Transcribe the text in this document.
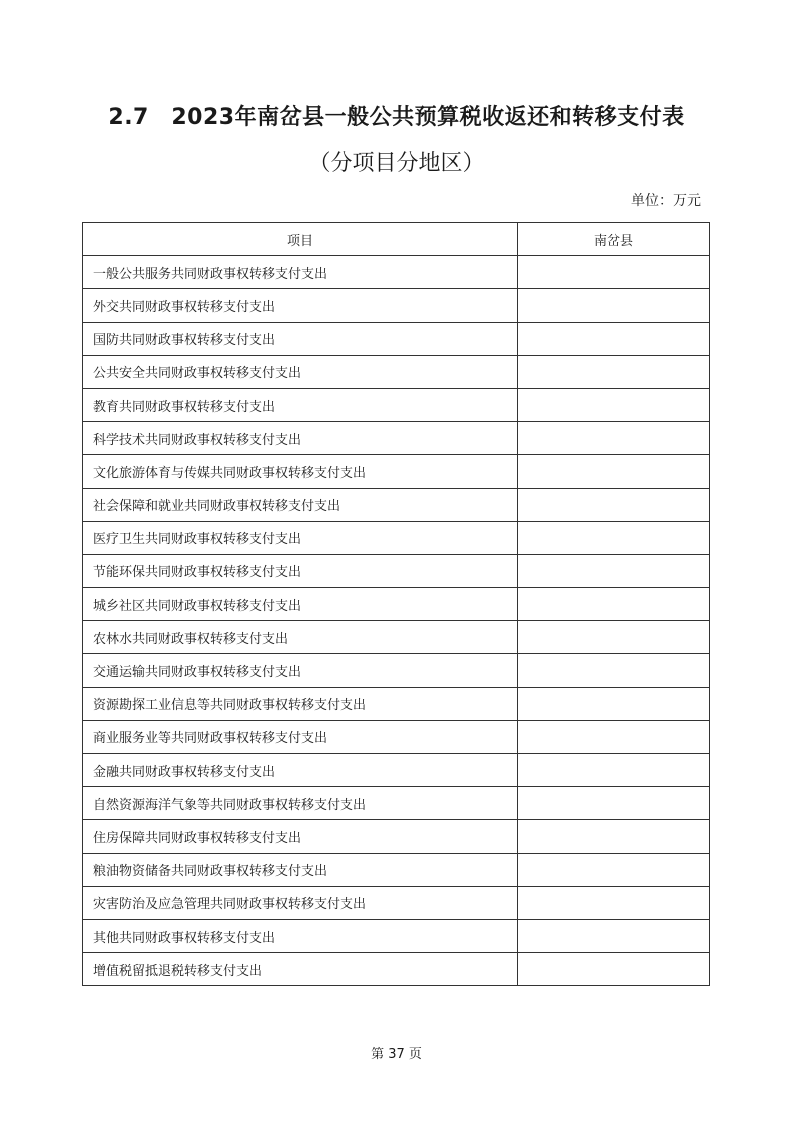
2.7　2023年南岔县一般公共预算税收返还和转移支付表
（分项目分地区）
单位：万元
项目	南岔县
一般公共服务共同财政事权转移支付支出	
外交共同财政事权转移支付支出	
国防共同财政事权转移支付支出	
公共安全共同财政事权转移支付支出	
教育共同财政事权转移支付支出	
科学技术共同财政事权转移支付支出	
文化旅游体育与传媒共同财政事权转移支付支出	
社会保障和就业共同财政事权转移支付支出	
医疗卫生共同财政事权转移支付支出	
节能环保共同财政事权转移支付支出	
城乡社区共同财政事权转移支付支出	
农林水共同财政事权转移支付支出	
交通运输共同财政事权转移支付支出	
资源勘探工业信息等共同财政事权转移支付支出	
商业服务业等共同财政事权转移支付支出	
金融共同财政事权转移支付支出	
自然资源海洋气象等共同财政事权转移支付支出	
住房保障共同财政事权转移支付支出	
粮油物资储备共同财政事权转移支付支出	
灾害防治及应急管理共同财政事权转移支付支出	
其他共同财政事权转移支付支出	
增值税留抵退税转移支付支出	
第 37 页
